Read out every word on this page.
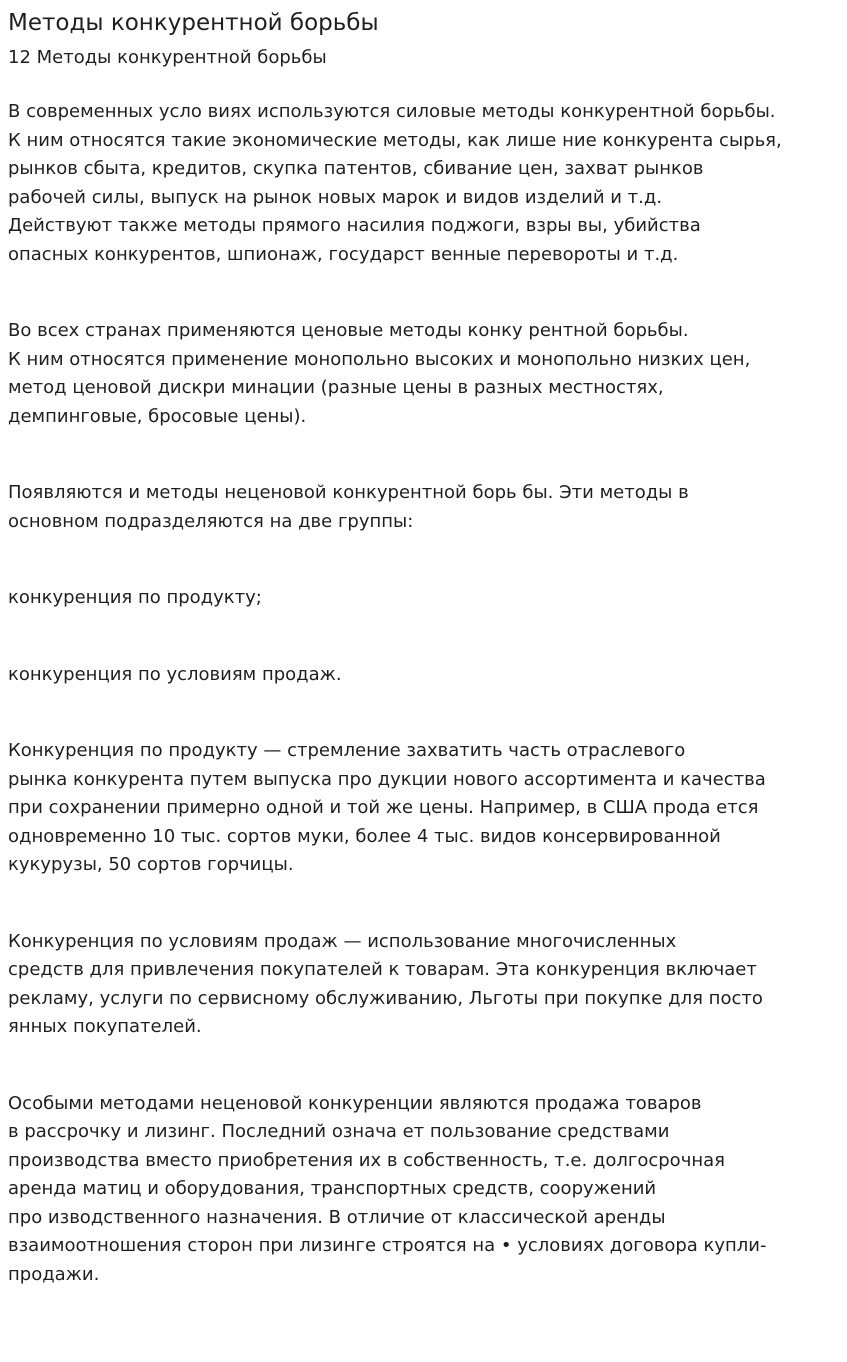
Методы конкурентной борьбы
12 Методы конкурентной борьбы

В современных усло виях используются силовые методы конкурентной борьбы.
К ним относятся такие экономические методы, как лише ние конкурента сырья,
рынков сбыта, кредитов, скупка патентов, сбивание цен, захват рынков
рабочей силы, выпуск на рынок новых марок и видов изделий и т.д.
Действуют также методы прямого насилия поджоги, взры вы, убийства
опасных конкурентов, шпионаж, государст венные перевороты и т.д.

Во всех странах применяются ценовые методы конку рентной борьбы.
К ним относятся применение монопольно высоких и монопольно низких цен,
метод ценовой дискри минации (разные цены в разных местностях,
демпинговые, бросовые цены).

Появляются и методы неценовой конкурентной борь бы. Эти методы в
основном подразделяются на две группы:

конкуренция по продукту;

конкуренция по условиям продаж.

Конкуренция по продукту — стремление захватить часть отраслевого
рынка конкурента путем выпуска про дукции нового ассортимента и качества
при сохранении примерно одной и той же цены. Например, в США прода ется
одновременно 10 тыс. сортов муки, более 4 тыс. видов консервированной
кукурузы, 50 сортов горчицы.

Конкуренция по условиям продаж — использование многочисленных
средств для привлечения покупателей к товарам. Эта конкуренция включает
рекламу, услуги по сервисному обслуживанию, Льготы при покупке для посто
янных покупателей.

Особыми методами неценовой конкуренции являются продажа товаров
в рассрочку и лизинг. Последний означа ет пользование средствами
производства вместо приобретения их в собственность, т.е. долгосрочная
аренда матиц и оборудования, транспортных средств, сооружений
про изводственного назначения. В отличие от классической аренды
взаимоотношения сторон при лизинге строятся на • условиях договора купли-
продажи.
